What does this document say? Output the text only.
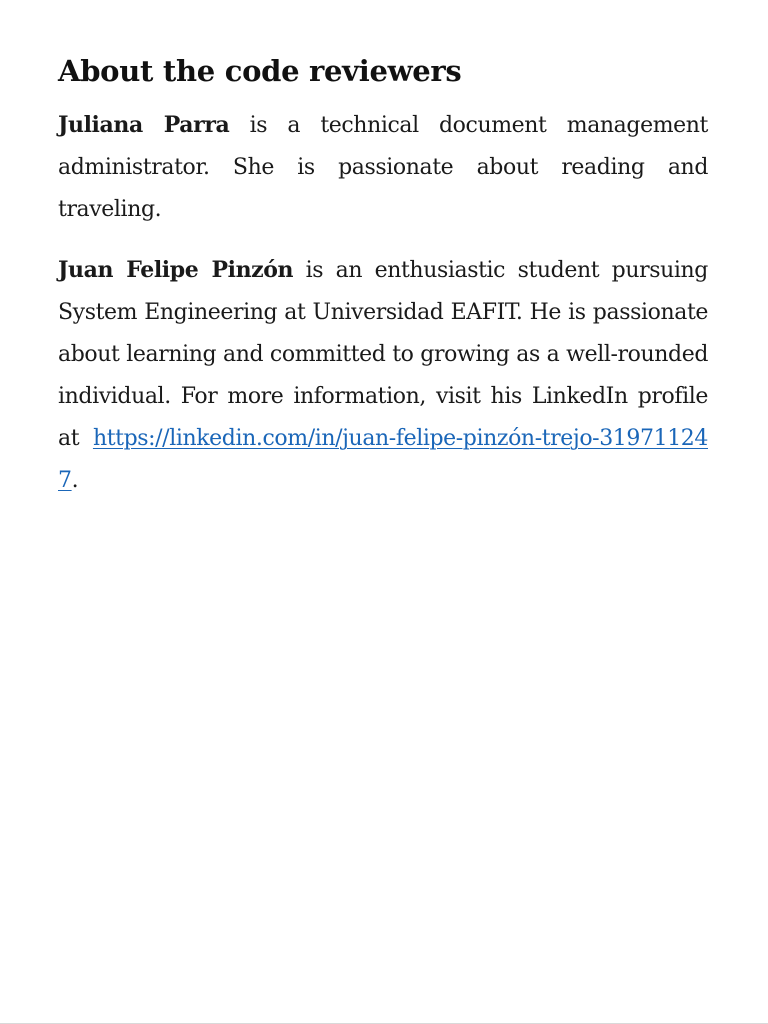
About the code reviewers

Juliana Parra is a technical document management administrator. She is passionate about reading and traveling.

Juan Felipe Pinzón is an enthusiastic student pursuing System Engineering at Universidad EAFIT. He is passionate about learning and committed to growing as a well-rounded individual. For more information, visit his LinkedIn profile at https://linkedin.com/in/juan-felipe-pinzón-trejo-319711247.
